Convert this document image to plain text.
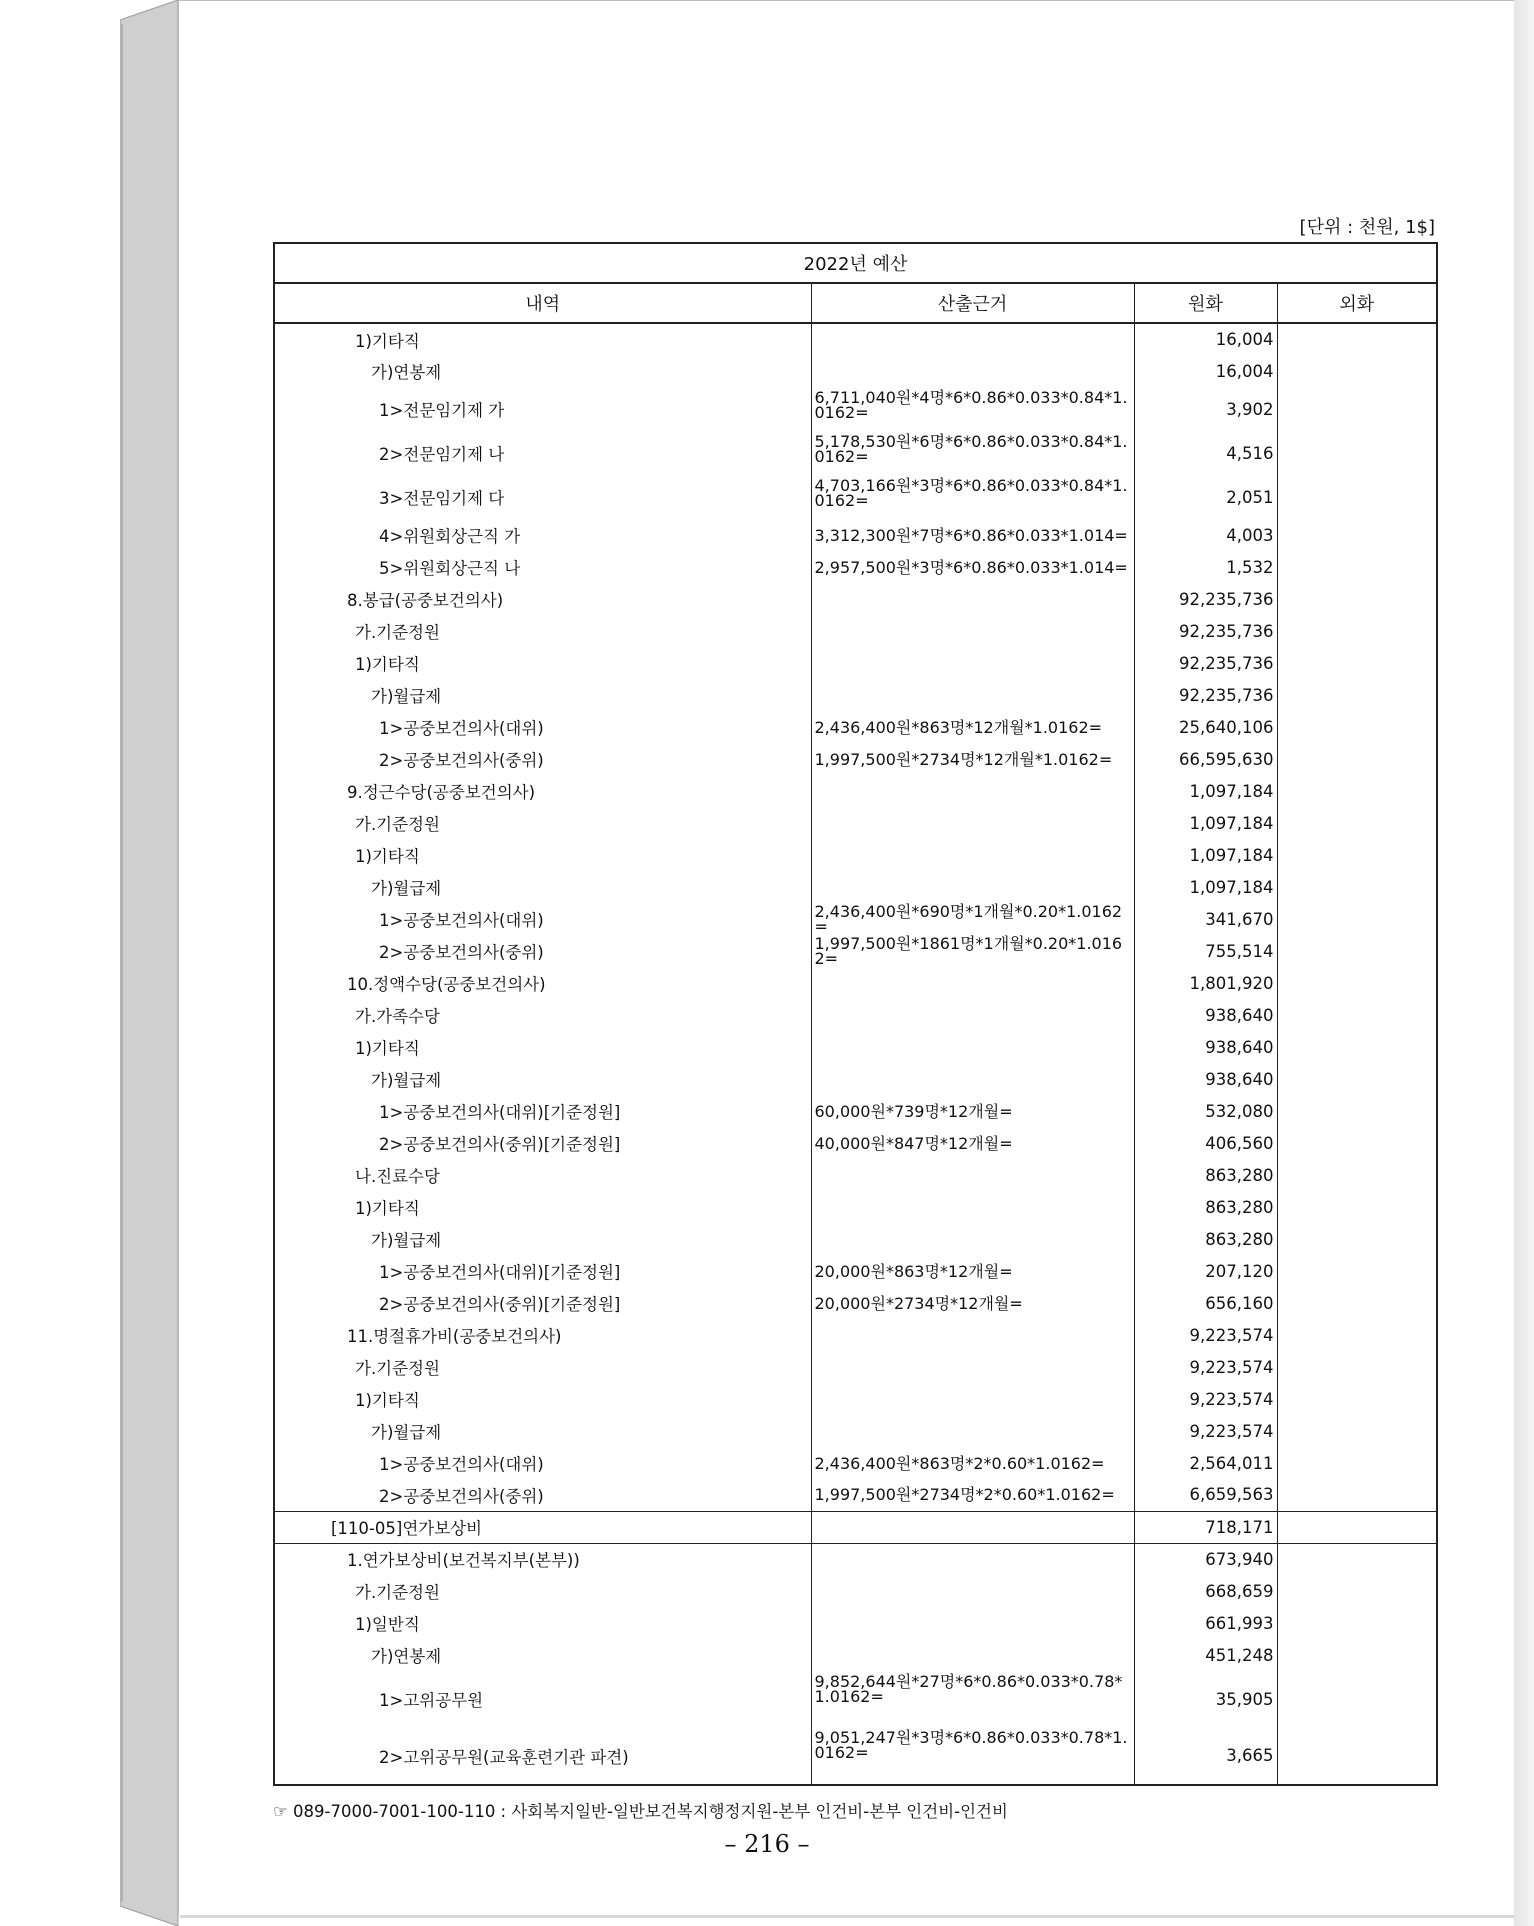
[단위 : 천원, 1$]
2022년 예산			
내역	산출근거	원화	외화
1)기타직		16,004	
가)연봉제		16,004	
1>전문임기제 가	6,711,040원*4명*6*0.86*0.033*0.84*1.0162=	3,902	
2>전문임기제 나	5,178,530원*6명*6*0.86*0.033*0.84*1.0162=	4,516	
3>전문임기제 다	4,703,166원*3명*6*0.86*0.033*0.84*1.0162=	2,051	
4>위원회상근직 가	3,312,300원*7명*6*0.86*0.033*1.014=	4,003	
5>위원회상근직 나	2,957,500원*3명*6*0.86*0.033*1.014=	1,532	
8.봉급(공중보건의사)		92,235,736	
가.기준정원		92,235,736	
1)기타직		92,235,736	
가)월급제		92,235,736	
1>공중보건의사(대위)	2,436,400원*863명*12개월*1.0162=	25,640,106	
2>공중보건의사(중위)	1,997,500원*2734명*12개월*1.0162=	66,595,630	
9.정근수당(공중보건의사)		1,097,184	
가.기준정원		1,097,184	
1)기타직		1,097,184	
가)월급제		1,097,184	
1>공중보건의사(대위)	2,436,400원*690명*1개월*0.20*1.0162=	341,670	
2>공중보건의사(중위)	1,997,500원*1861명*1개월*0.20*1.0162=	755,514	
10.정액수당(공중보건의사)		1,801,920	
가.가족수당		938,640	
1)기타직		938,640	
가)월급제		938,640	
1>공중보건의사(대위)[기준정원]	60,000원*739명*12개월=	532,080	
2>공중보건의사(중위)[기준정원]	40,000원*847명*12개월=	406,560	
나.진료수당		863,280	
1)기타직		863,280	
가)월급제		863,280	
1>공중보건의사(대위)[기준정원]	20,000원*863명*12개월=	207,120	
2>공중보건의사(중위)[기준정원]	20,000원*2734명*12개월=	656,160	
11.명절휴가비(공중보건의사)		9,223,574	
가.기준정원		9,223,574	
1)기타직		9,223,574	
가)월급제		9,223,574	
1>공중보건의사(대위)	2,436,400원*863명*2*0.60*1.0162=	2,564,011	
2>공중보건의사(중위)	1,997,500원*2734명*2*0.60*1.0162=	6,659,563	
[110-05]연가보상비		718,171	
1.연가보상비(보건복지부(본부))		673,940	
가.기준정원		668,659	
1)일반직		661,993	
가)연봉제		451,248	
1>고위공무원	9,852,644원*27명*6*0.86*0.033*0.78*1.0162=	35,905	
2>고위공무원(교육훈련기관 파견)	9,051,247원*3명*6*0.86*0.033*0.78*1.0162=	3,665	
☞ 089-7000-7001-100-110 : 사회복지일반-일반보건복지행정지원-본부 인건비-본부 인건비-인건비
– 216 –
